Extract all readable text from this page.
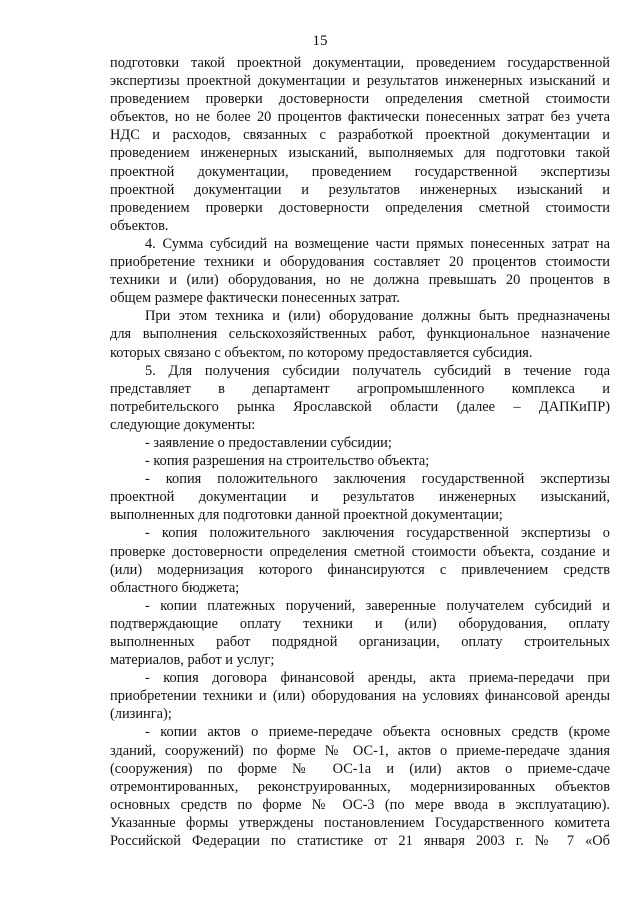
15
подготовки такой проектной документации, проведением государственной
экспертизы проектной документации и результатов инженерных изысканий и
проведением проверки достоверности определения сметной стоимости
объектов, но не более 20 процентов фактически понесенных затрат без учета
НДС и расходов, связанных с разработкой проектной документации и
проведением инженерных изысканий, выполняемых для подготовки такой
проектной документации, проведением государственной экспертизы
проектной документации и результатов инженерных изысканий и
проведением проверки достоверности определения сметной стоимости
объектов.
4. Сумма субсидий на возмещение части прямых понесенных затрат на
приобретение техники и оборудования составляет 20 процентов стоимости
техники и (или) оборудования, но не должна превышать 20 процентов в
общем размере фактически понесенных затрат.
При этом техника и (или) оборудование должны быть предназначены
для выполнения сельскохозяйственных работ, функциональное назначение
которых связано с объектом, по которому предоставляется субсидия.
5. Для получения субсидии получатель субсидий в течение года
представляет в департамент агропромышленного комплекса и
потребительского рынка Ярославской области (далее – ДАПКиПР)
следующие документы:
- заявление о предоставлении субсидии;
- копия разрешения на строительство объекта;
- копия положительного заключения государственной экспертизы
проектной документации и результатов инженерных изысканий,
выполненных для подготовки данной проектной документации;
- копия положительного заключения государственной экспертизы о
проверке достоверности определения сметной стоимости объекта, создание и
(или) модернизация которого финансируются с привлечением средств
областного бюджета;
- копии платежных поручений, заверенные получателем субсидий и
подтверждающие оплату техники и (или) оборудования, оплату
выполненных работ подрядной организации, оплату строительных
материалов, работ и услуг;
- копия договора финансовой аренды, акта приема-передачи при
приобретении техники и (или) оборудования на условиях финансовой аренды
(лизинга);
- копии актов о приеме-передаче объекта основных средств (кроме
зданий, сооружений) по форме № ОС-1, актов о приеме-передаче здания
(сооружения) по форме № ОС-1а и (или) актов о приеме-сдаче
отремонтированных, реконструированных, модернизированных объектов
основных средств по форме № ОС-3 (по мере ввода в эксплуатацию).
Указанные формы утверждены постановлением Государственного комитета
Российской Федерации по статистике от 21 января 2003 г. № 7 «Об
